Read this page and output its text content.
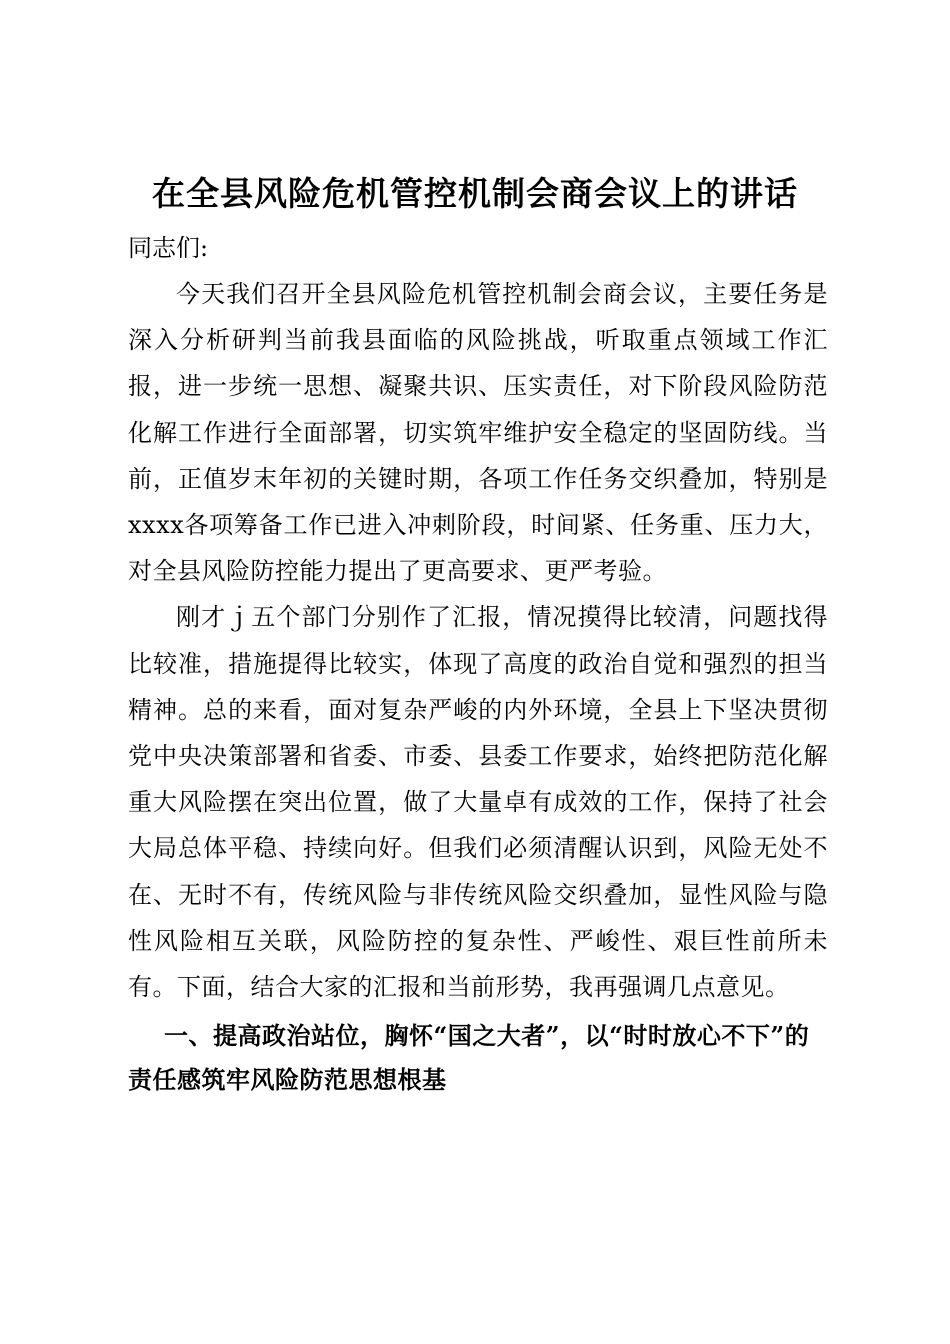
在全县风险危机管控机制会商会议上的讲话

同志们:

今天我们召开全县风险危机管控机制会商会议，主要任务是深入分析研判当前我县面临的风险挑战，听取重点领域工作汇报，进一步统一思想、凝聚共识、压实责任，对下阶段风险防范化解工作进行全面部署，切实筑牢维护安全稳定的坚固防线。当前，正值岁末年初的关键时期，各项工作任务交织叠加，特别是xxxx各项筹备工作已进入冲刺阶段，时间紧、任务重、压力大，对全县风险防控能力提出了更高要求、更严考验。

刚才ｊ五个部门分别作了汇报，情况摸得比较清，问题找得比较准，措施提得比较实，体现了高度的政治自觉和强烈的担当精神。总的来看，面对复杂严峻的内外环境，全县上下坚决贯彻党中央决策部署和省委、市委、县委工作要求，始终把防范化解重大风险摆在突出位置，做了大量卓有成效的工作，保持了社会大局总体平稳、持续向好。但我们必须清醒认识到，风险无处不在、无时不有，传统风险与非传统风险交织叠加，显性风险与隐性风险相互关联，风险防控的复杂性、严峻性、艰巨性前所未有。下面，结合大家的汇报和当前形势，我再强调几点意见。

一、提高政治站位，胸怀“国之大者”，以“时时放心不下”的责任感筑牢风险防范思想根基
